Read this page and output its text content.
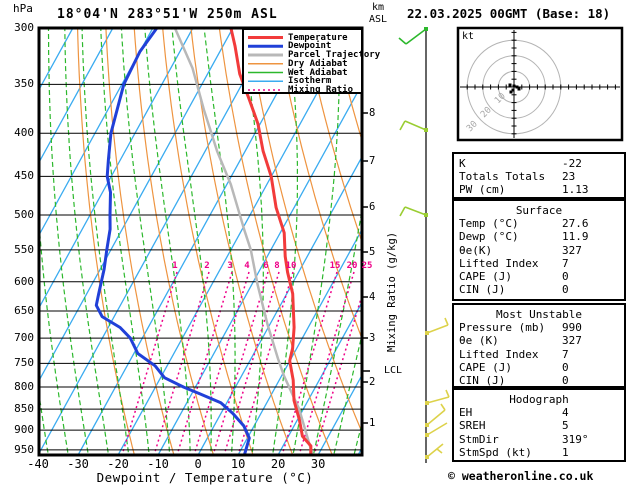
hPa 18°04'N 283°51'W 250m ASL	km
ASL 22.03.2025 00GMT (Base: 18)
10
20
30
Temperature
Dewpoint
Parcel Trajectory
Dry Adiabat
Wet Adiabat
Isotherm
Mixing Ratio
300
350
400
450
500
550
600
650
700
750
800
850
900
950
-40	-30	-20	-10	0	10	20	30
8
7
6
5
4
3
2
1
1	2	3	4	6 8 10	15 20 25
Dewpoint / Temperature (°C)
LCL
Mixing Ratio (g/kg)
kt
© weatheronline.co.uk
K	-22
Totals Totals 23
PW (cm)	1.13
Surface
Temp (°C)	27.6
Dewp (°C)	11.9
θe(K)	327
Lifted Index 7
CAPE (J)	0
CIN (J)	0
Most Unstable
Pressure (mb) 990
θe (K)	327
Lifted Index 7
CAPE (J)	0
CIN (J)	0
Hodograph
EH	4
SREH	5
StmDir	319°
StmSpd (kt)	1
